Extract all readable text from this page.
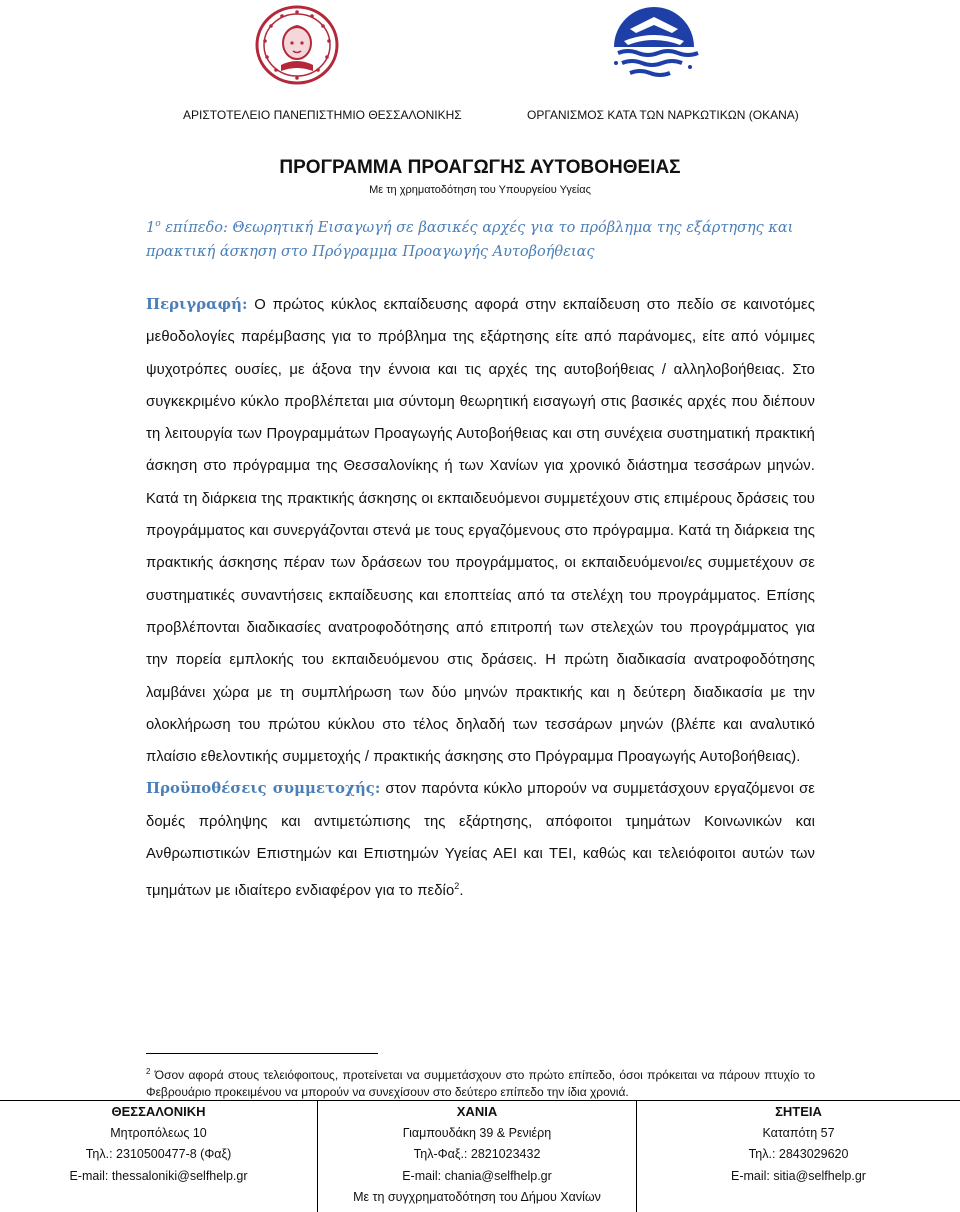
ΑΡΙΣΤΟΤΕΛΕΙΟ ΠΑΝΕΠΙΣΤΗΜΙΟ ΘΕΣΣΑΛΟΝΙΚΗΣ	ΟΡΓΑΝΙΣΜΟΣ ΚΑΤΑ ΤΩΝ ΝΑΡΚΩΤΙΚΩΝ (ΟΚΑΝΑ)
ΠΡΟΓΡΑΜΜΑ ΠΡΟΑΓΩΓΗΣ ΑΥΤΟΒΟΗΘΕΙΑΣ
Με τη χρηματοδότηση του Υπουργείου Υγείας
$1^o$ επίπεδο: Θεωρητική Εισαγωγή σε βασικές αρχές για το πρόβλημα της εξάρτησης και πρακτική άσκηση στο Πρόγραμμα Προαγωγής Αυτοβοήθειας

Περιγραφή: Ο πρώτος κύκλος εκπαίδευσης αφορά στην εκπαίδευση στο πεδίο σε καινοτόμες μεθοδολογίες παρέμβασης για το πρόβλημα της εξάρτησης είτε από παράνομες, είτε από νόμιμες ψυχοτρόπες ουσίες, με άξονα την έννοια και τις αρχές της αυτοβοήθειας / αλληλοβοήθειας. Στο συγκεκριμένο κύκλο προβλέπεται μια σύντομη θεωρητική εισαγωγή στις βασικές αρχές που διέπουν τη λειτουργία των Προγραμμάτων Προαγωγής Αυτοβοήθειας και στη συνέχεια συστηματική πρακτική άσκηση στο πρόγραμμα της Θεσσαλονίκης ή των Χανίων για χρονικό διάστημα τεσσάρων μηνών. Κατά τη διάρκεια της πρακτικής άσκησης οι εκπαιδευόμενοι συμμετέχουν στις επιμέρους δράσεις του προγράμματος και συνεργάζονται στενά με τους εργαζόμενους στο πρόγραμμα. Κατά τη διάρκεια της πρακτικής άσκησης πέραν των δράσεων του προγράμματος, οι εκπαιδευόμενοι/ες συμμετέχουν σε συστηματικές συναντήσεις εκπαίδευσης και εποπτείας από τα στελέχη του προγράμματος. Επίσης προβλέπονται διαδικασίες ανατροφοδότησης από επιτροπή των στελεχών του προγράμματος για την πορεία εμπλοκής του εκπαιδευόμενου στις δράσεις. Η πρώτη διαδικασία ανατροφοδότησης λαμβάνει χώρα με τη συμπλήρωση των δύο μηνών πρακτικής και η δεύτερη διαδικασία με την ολοκλήρωση του πρώτου κύκλου στο τέλος δηλαδή των τεσσάρων μηνών (βλέπε και αναλυτικό πλαίσιο εθελοντικής συμμετοχής / πρακτικής άσκησης στο Πρόγραμμα Προαγωγής Αυτοβοήθειας).

Προϋποθέσεις συμμετοχής: στον παρόντα κύκλο μπορούν να συμμετάσχουν εργαζόμενοι σε δομές πρόληψης και αντιμετώπισης της εξάρτησης, απόφοιτοι τμημάτων Κοινωνικών και Ανθρωπιστικών Επιστημών και Επιστημών Υγείας ΑΕΙ και ΤΕΙ, καθώς και τελειόφοιτοι αυτών των τμημάτων με ιδιαίτερο ενδιαφέρον για το πεδίο$^2$.

$^2$ Όσον αφορά στους τελειόφοιτους, προτείνεται να συμμετάσχουν στο πρώτο επίπεδο, όσοι πρόκειται να πάρουν πτυχίο το Φεβρουάριο προκειμένου να μπορούν να συνεχίσουν στο δεύτερο επίπεδο την ίδια χρονιά.
ΘΕΣΣΑΛΟΝΙΚΗ
Μητροπόλεως 10
Τηλ.: 2310500477-8 (Φαξ)
E-mail: thessaloniki@selfhelp.gr
ΧΑΝΙΑ
Γιαμπουδάκη 39 & Ρενιέρη
Τηλ-Φαξ.: 2821023432
E-mail: chania@selfhelp.gr
Με τη συγχρηματοδότηση του Δήμου Χανίων
ΣΗΤΕΙΑ
Καταπότη 57
Τηλ.: 2843029620
E-mail: sitia@selfhelp.gr
